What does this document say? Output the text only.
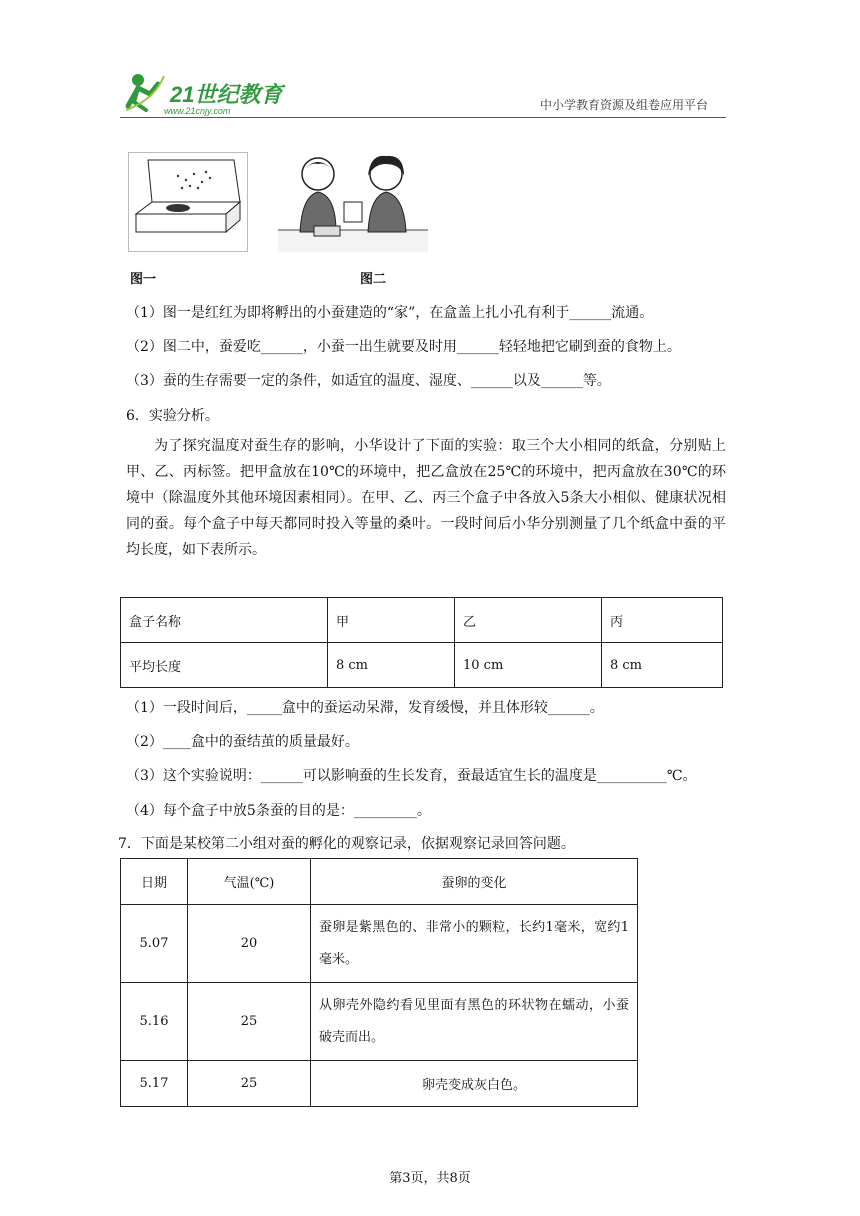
21世纪教育
www.21cnjy.com	中小学教育资源及组卷应用平台
图一	图二
（1）图一是红红为即将孵出的小蚕建造的“家”，在盒盖上扎小孔有利于______流通。
（2）图二中，蚕爱吃______，小蚕一出生就要及时用______轻轻地把它刷到蚕的食物上。
（3）蚕的生存需要一定的条件，如适宜的温度、湿度、______以及______等。
6．实验分析。
为了探究温度对蚕生存的影响，小华设计了下面的实验：取三个大小相同的纸盒，分别贴上甲、乙、丙标签。把甲盒放在10℃的环境中，把乙盒放在25℃的环境中，把丙盒放在30℃的环境中（除温度外其他环境因素相同）。在甲、乙、丙三个盒子中各放入5条大小相似、健康状况相同的蚕。每个盒子中每天都同时投入等量的桑叶。一段时间后小华分别测量了几个纸盒中蚕的平均长度，如下表所示。
盒子名称	甲	乙	丙
平均长度	8 cm	10 cm	8 cm
（1）一段时间后，_____盒中的蚕运动呆滞，发育缓慢，并且体形较______。
（2）____盒中的蚕结茧的质量最好。
（3）这个实验说明：______可以影响蚕的生长发育，蚕最适宜生长的温度是__________℃。
（4）每个盒子中放5条蚕的目的是：_________。
7．下面是某校第二小组对蚕的孵化的观察记录，依据观察记录回答问题。
日期	气温(℃)	蚕卵的变化
5.07	20	蚕卵是紫黑色的、非常小的颗粒，长约1毫米，宽约1毫米。
5.16	25	从卵壳外隐约看见里面有黑色的环状物在蠕动，小蚕破壳而出。
5.17	25	卵壳变成灰白色。
第3页，共8页
